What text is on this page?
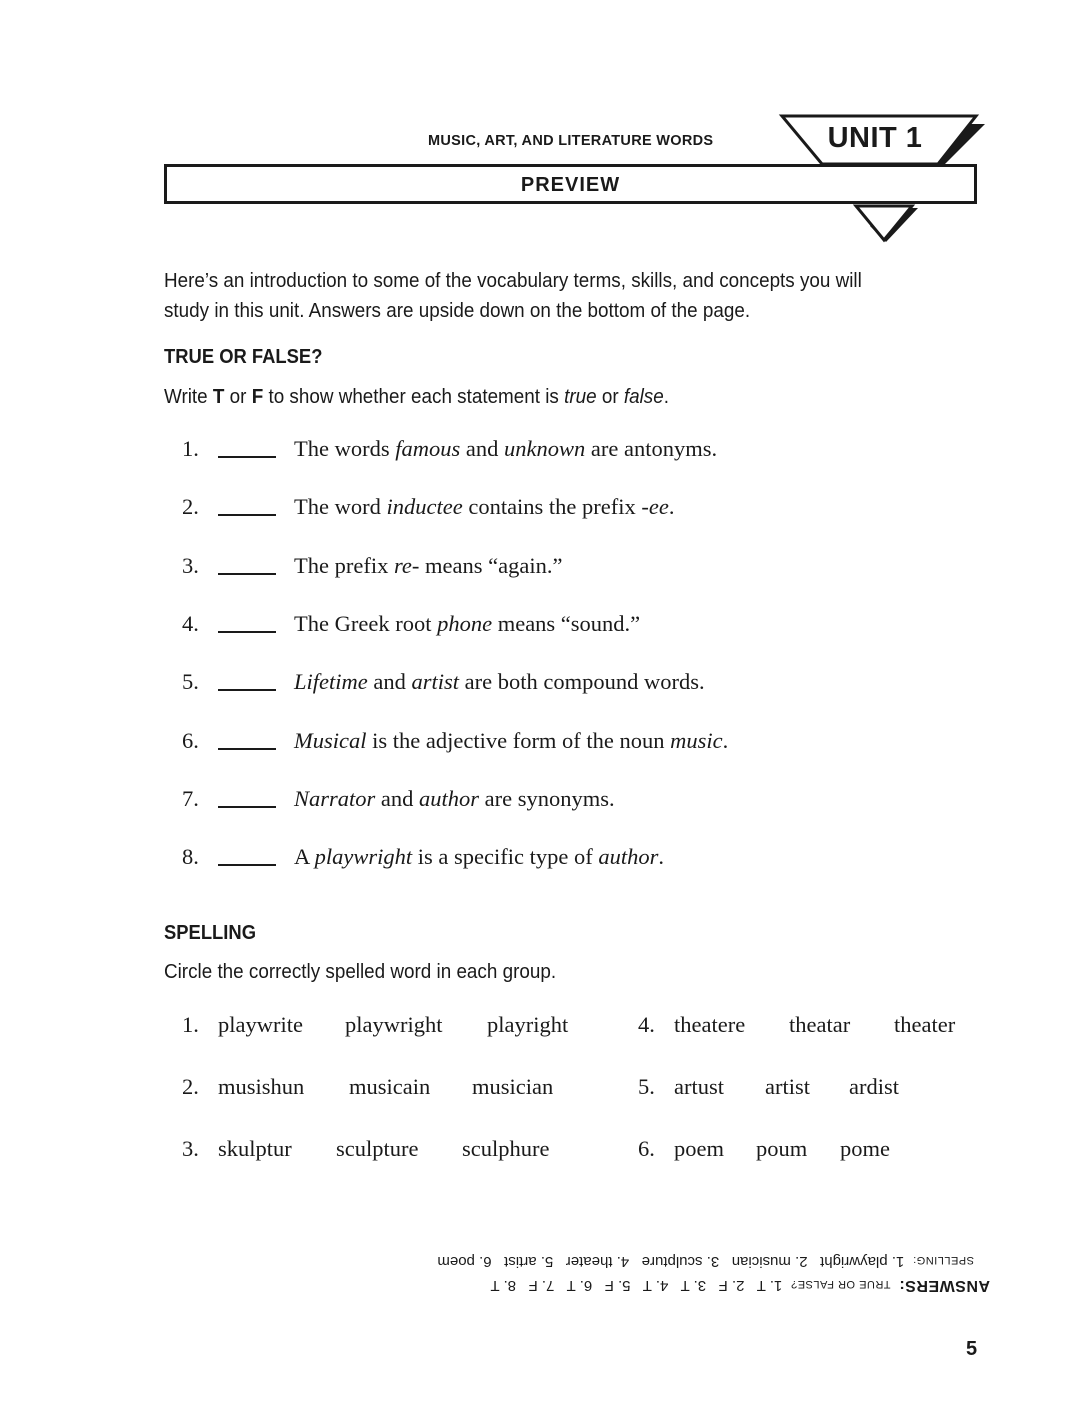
MUSIC, ART, AND LITERATURE WORDS	UNIT 1
PREVIEW
Here’s an introduction to some of the vocabulary terms, skills, and concepts you will study in this unit. Answers are upside down on the bottom of the page.
TRUE OR FALSE?
Write T or F to show whether each statement is true or false.
1.	The words famous and unknown are antonyms.
2.	The word inductee contains the prefix -ee.
3.	The prefix re- means “again.”
4.	The Greek root phone means “sound.”
5.	Lifetime and artist are both compound words.
6.	Musical is the adjective form of the noun music.
7.	Narrator and author are synonyms.
8.	A playwright is a specific type of author.
SPELLING
Circle the correctly spelled word in each group.
1. playwrite playwright playright
2. musishun musicain musician
3. skulptur sculpture sculphure
4. theatere theatar theater
5. artust artist ardist
6. poem poum pome
ANSWERS:  TRUE OR FALSE?  1. T   2. F   3. T   4. T   5. F   6. T   7. F   8. T
SPELLING:  1. playwright   2. musician   3. sculpture   4. theater   5. artist   6. poem
5
